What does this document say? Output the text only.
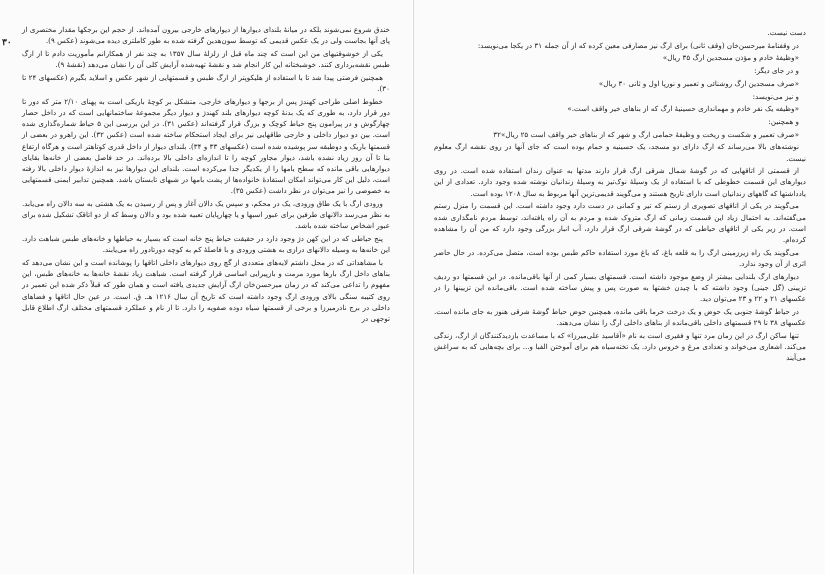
۳۰

خندق شروع نمی‌شوند بلکه در میانهٔ بلندای دیوارها از دیوارهای خارجی بیرون آمده‌اند. از حجم این برجکها مقدار مختصری از پای آنها بجاست ولی در یک عکس قدیمی که توسط سون‌هدین گرفته شده به طور کاملتری دیده می‌شوند (عکس ۹).

یکی از خوشوقتیهای من این است که چند ماه قبل از زلزلهٔ سال ۱۳۵۷ به چند نفر از همکارانم مأموریت دادم تا از ارگ طبس نقشه‌برداری کنند. خوشبختانه این کار انجام شد و نقشهٔ تهیه‌شده آرایش کلی آن را نشان می‌دهد (نقشهٔ ۹).

همچنین فرصتی پیدا شد تا با استفاده از هلیکوپتر از ارگ طبس و قسمتهایی از شهر عکس و اسلاید بگیرم (عکسهای ۲۴ تا ۳۰).

خطوط اصلی طراحی کهندژ پس از برجها و دیوارهای خارجی، متشکل بر کوچهٔ باریکی است به پهنای ۲/۱۰ متر که دور تا دور قرار دارد، به طوری که یک بدنهٔ کوچه دیوارهای بلند کهندژ و دیوار دیگر مجموعهٔ ساختمانهایی است که در داخل حصار چهارگوش و در پیرامون پنج حیاط کوچک و بزرگ قرار گرفته‌اند (عکس ۳۱). در این بررسی این ۵ حیاط شماره‌گذاری شده است. بین دو دیوار داخلی و خارجی طاقهایی نیز برای ایجاد استحکام ساخته شده است (عکس ۳۲). این راهرو در بعضی از قسمتها باریک و دوطبقه سر پوشیده شده است (عکسهای ۳۳ و ۳۴). بلندای دیوار از داخل قدری کوتاهتر است و هرگاه ارتفاع بنا تا آن روز زیاد نشده باشد، دیوار مجاور کوچه را تا اندازه‌ای داخلی بالا برده‌اند. در حد فاصل بعضی از خانه‌ها بقایای دیوارهایی باقی مانده که سطح بامها را از یکدیگر جدا می‌کرده است. بلندای این دیوارها نیز به اندازهٔ دیوار داخلی بالا رفته است، دلیل این کار می‌تواند امکان استفادهٔ خانواده‌ها از پشت بامها در شبهای تابستان باشد. همچنین تدابیر ایمنی قسمتهایی به خصوصی را نیز می‌توان در نظر داشت (عکس ۳۵).

ورودی ارگ با یک طاق ورودی، یک در محکم، و سپس یک دالان آغاز و پس از رسیدن به یک هشتی به سه دالان راه می‌یابد. به نظر می‌رسد دالانهای طرفین برای عبور اسبها و یا چهارپایان تعبیه شده بود و دالان وسط که از دو اتاقک تشکیل شده برای عبور اشخاص ساخته شده باشد.

پنج حیاطی که در این کهن دژ وجود دارد در حقیقت حیاط پنج خانه است که بسیار به حیاطها و خانه‌های طبس شباهت دارد. این خانه‌ها به وسیله دالانهای درازی به هشتی ورودی و با فاصلهٔ کم به کوچه دورتادور راه می‌یابند.

با مشاهداتی که در محل داشتم لایه‌های متعددی از گچ روی دیوارهای داخلی اتاقها را پوشانده است و این نشان می‌دهد که بناهای داخل ارگ بارها مورد مرمت و بازپیرایی اساسی قرار گرفته است. شباهت زیاد نقشهٔ خانه‌ها به خانه‌های طبس، این مفهوم را تداعی می‌کند که در زمان میرحسن‌خان ارگ آرایش جدیدی یافته است و همان طور که قبلاً ذکر شده این تعمیر در روی کتیبه سنگی بالای ورودی ارگ وجود داشته است که تاریخ آن سال ۱۲۱۶ هـ. ق. است. در عین حال اتاقها و فضاهای داخلی در برج نادرمیرزا و برخی از قسمتها سیاه دوده صفویه را دارد. تا از نام و عملکرد قسمتهای مختلف ارگ اطلاع قابل توجهی در

دست نیست.

در وقفنامهٔ میرحسن‌خان (وقف ثانی) برای ارگ نیز مصارفی معین کرده که از آن جمله ۳۱ در یکجا می‌نویسد:

«وظیفهٔ خادم و مؤذن مسجدین ارگ ۳۵ ریال»

و در جای دیگر:

«صرف مسجدین ارگ روشنائی و تعمیر و نورپا اول و ثانی ۳۰ ریال»

و نیز می‌نویسد:

«وظیفه یک نفر خادم و مهمانداری حسینیهٔ ارگ که از بناهای خیر واقف است.»

و همچنین:

«صرف تعمیر و شکست و ریخت و وظیفهٔ حمامی ارگ و شهر که از بناهای خیر واقف است ۲۵ ریال»۳۲

نوشته‌های بالا می‌رساند که ارگ دارای دو مسجد، یک حسینیه و حمام بوده است که جای آنها در روی نقشه ارگ معلوم نیست.

از قسمتی از اتاقهایی که در گوشهٔ شمال شرقی ارگ قرار دارند مدتها به عنوان زندان استفاده شده است. در روی دیوارهای این قسمت خطوطی که با استفاده از یک وسیلهٔ نوک‌تیز به وسیلهٔ زندانیان نوشته شده وجود دارد. تعدادی از این یادداشتها که گاههای زندانیان است دارای تاریخ هستند و می‌گویند قدیمی‌ترین آنها مربوط به سال ۱۲۰۸ بوده است.

می‌گویند در یکی از اتاقهای تصویری از زستم که تیر و کمانی در دست دارد وجود داشته است. این قسمت را منزل رستم می‌گفته‌اند. به احتمال زیاد این قسمت زمانی که ارگ متروک شده و مردم به آن راه یافته‌اند، توسط مردم نامگذاری شده است. در زیر یکی از اتاقهای حیاطی که در گوشهٔ شرقی ارگ قرار دارد، آب انبار بزرگی وجود دارد که من آن را مشاهده کرده‌ام.

می‌گویند یک راه زیرزمینی ارگ را به قلعه باغ، که باغ مورد استفاده حاکم طبس بوده است، متصل می‌کرده. در حال حاضر اثری از آن وجود ندارد.

دیوارهای ارگ بلندایی بیشتر از وضع موجود داشته است. قسمتهای بسیار کمی از آنها باقی‌مانده. در این قسمتها دو ردیف تزیینی (گل جینی) وجود داشته که با چیدن خشتها به صورت پس و پیش ساخته شده است. باقی‌مانده این تزیینها را در عکسهای ۲۱ و ۲۲ و ۲۳ می‌توان دید.

در حیاط گوشهٔ جنوبی یک حوض و یک درخت خرما باقی مانده، همچنین حوض حیاط گوشهٔ شرقی هنوز به جای مانده است. عکسهای ۳۸ تا ۲۹ قسمتهای داخلی باقی‌مانده از بناهای داخلی ارگ را نشان می‌دهند.

تنها ساکن ارگ در این زمان مرد تنها و فقیری است به نام «آقاسید علی‌میرزا» که با مساعدت بازدیدکنندگان از ارگ، زندگی می‌کند. اشعاری می‌خواند و تعدادی مرغ و خروس دارد. یک تخته‌سیاه هم برای آموختن الفبا و... برای بچه‌هایی که به سراغش می‌آیند
